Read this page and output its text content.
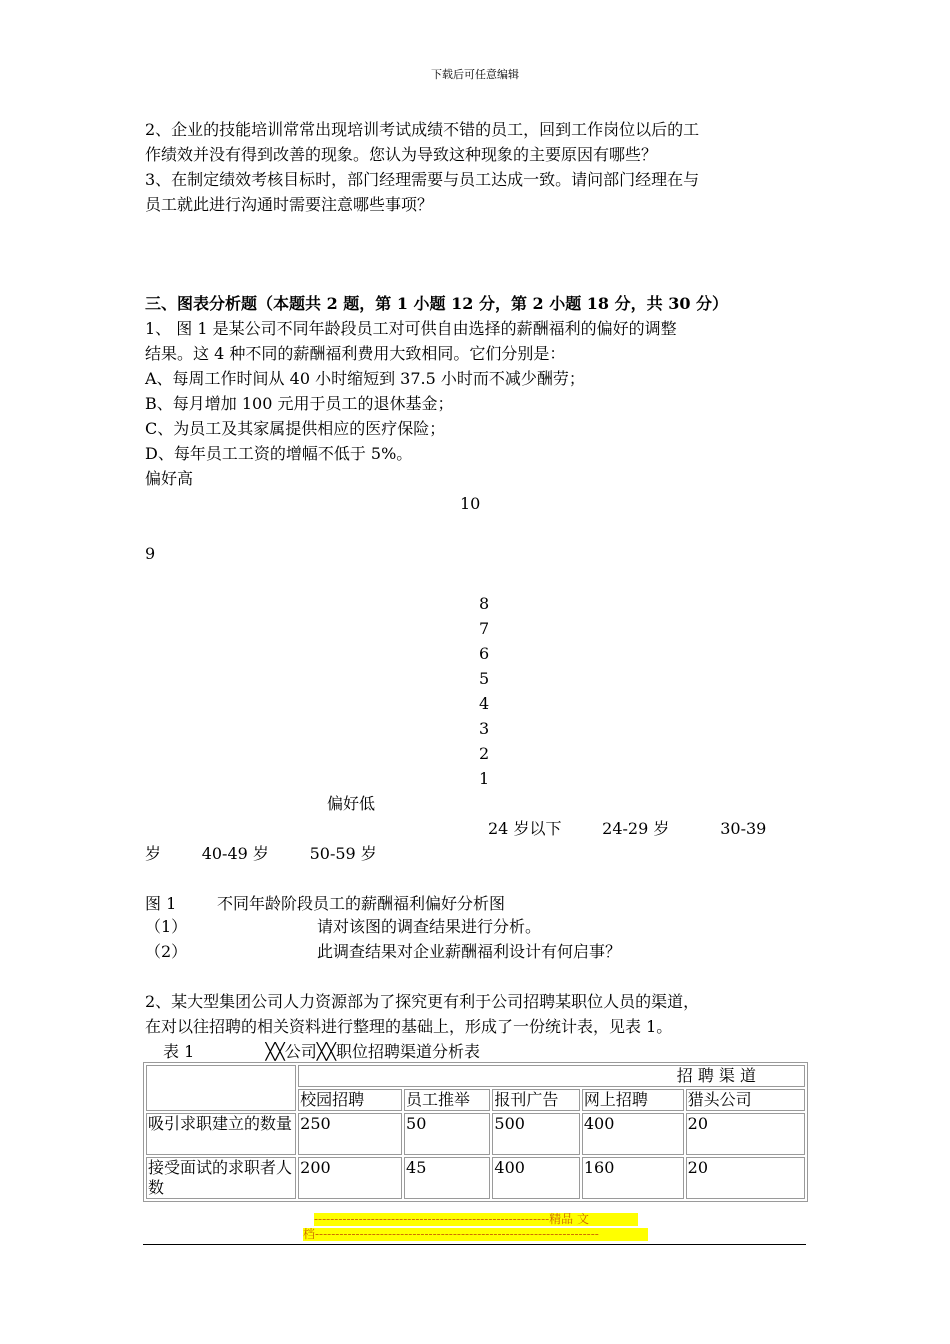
下载后可任意编辑
2、企业的技能培训常常出现培训考试成绩不错的员工，回到工作岗位以后的工
作绩效并没有得到改善的现象。您认为导致这种现象的主要原因有哪些？
3、在制定绩效考核目标时，部门经理需要与员工达成一致。请问部门经理在与
员工就此进行沟通时需要注意哪些事项？
三、图表分析题（本题共 2 题，第 1 小题 12 分，第 2 小题 18 分，共 30 分）
1、 图 1 是某公司不同年龄段员工对可供自由选择的薪酬福利的偏好的调整
结果。这 4 种不同的薪酬福利费用大致相同。它们分别是：
A、每周工作时间从 40 小时缩短到 37.5 小时而不减少酬劳；
B、每月增加 100 元用于员工的退休基金；
C、为员工及其家属提供相应的医疗保险；
D、每年员工工资的增幅不低于 5%。
偏好高
10
9
8
7
6
5
4
3
2
1
偏好低
24 岁以下        24-29 岁          30-39
岁        40-49 岁        50-59 岁
图 1        不同年龄阶段员工的薪酬福利偏好分析图
（1）	请对该图的调查结果进行分析。
（2）	此调查结果对企业薪酬福利设计有何启事？
2、某大型集团公司人力资源部为了探究更有利于公司招聘某职位人员的渠道，
在对以往招聘的相关资料进行整理的基础上，形成了一份统计表，见表 1。
表 1              ╳╳公司╳╳职位招聘渠道分析表
	招 聘 渠 道				
	校园招聘	员工推举	报刊广告	网上招聘	猎头公司
吸引求职建立的数量	250	50	500	400	20
接受面试的求职者人数	200	45	400	160	20
----------------------------------------------------------精品 文
档----------------------------------------------------------------------
